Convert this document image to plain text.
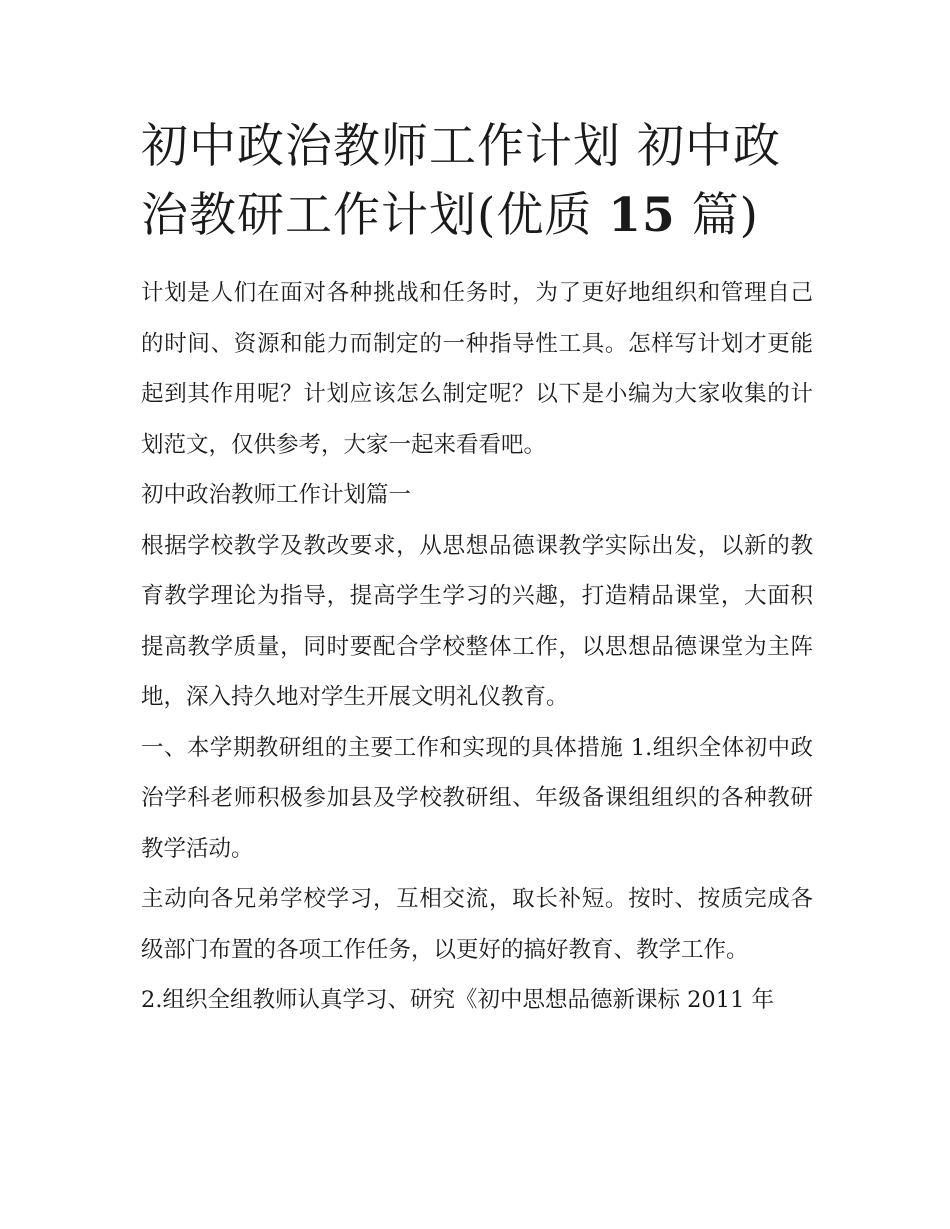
初中政治教师工作计划 初中政治教研工作计划(优质 15 篇)

计划是人们在面对各种挑战和任务时，为了更好地组织和管理自己的时间、资源和能力而制定的一种指导性工具。怎样写计划才更能起到其作用呢？计划应该怎么制定呢？以下是小编为大家收集的计划范文，仅供参考，大家一起来看看吧。

初中政治教师工作计划篇一

根据学校教学及教改要求，从思想品德课教学实际出发，以新的教育教学理论为指导，提高学生学习的兴趣，打造精品课堂，大面积提高教学质量，同时要配合学校整体工作，以思想品德课堂为主阵地，深入持久地对学生开展文明礼仪教育。

一、本学期教研组的主要工作和实现的具体措施 1.组织全体初中政治学科老师积极参加县及学校教研组、年级备课组组织的各种教研教学活动。

主动向各兄弟学校学习，互相交流，取长补短。按时、按质完成各级部门布置的各项工作任务，以更好的搞好教育、教学工作。

2.组织全组教师认真学习、研究《初中思想品德新课标 2011 年
